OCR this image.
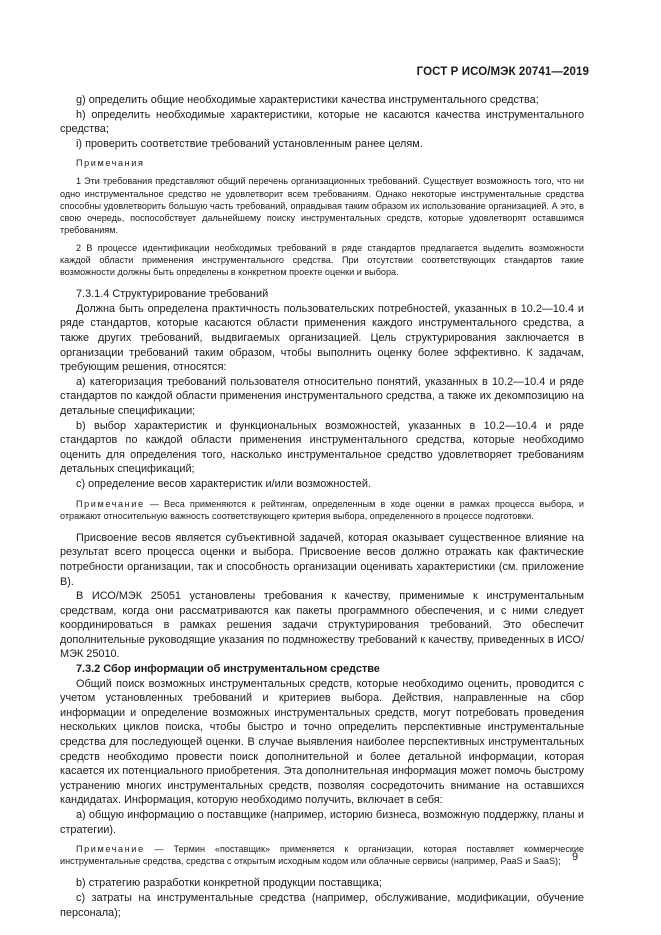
ГОСТ Р ИСО/МЭК 20741—2019

g) определить общие необходимые характеристики качества инструментального средства;

h) определить необходимые характеристики, которые не касаются качества инструментального средства;

i) проверить соответствие требований установленным ранее целям.

Примечания

1 Эти требования представляют общий перечень организационных требований. Существует возможность того, что ни одно инструментальное средство не удовлетворит всем требованиям. Однако некоторые инструментальные средства способны удовлетворить большую часть требований, оправдывая таким образом их использование организацией. А это, в свою очередь, поспособствует дальнейшему поиску инструментальных средств, которые удовлетворят оставшимся требованиям.

2 В процессе идентификации необходимых требований в ряде стандартов предлагается выделить возможности каждой области применения инструментального средства. При отсутствии соответствующих стандартов такие возможности должны быть определены в конкретном проекте оценки и выбора.

7.3.1.4 Структурирование требований

Должна быть определена практичность пользовательских потребностей, указанных в 10.2—10.4 и ряде стандартов, которые касаются области применения каждого инструментального средства, а также других требований, выдвигаемых организацией. Цель структурирования заключается в организации требований таким образом, чтобы выполнить оценку более эффективно. К задачам, требующим решения, относятся:

a) категоризация требований пользователя относительно понятий, указанных в 10.2—10.4 и ряде стандартов по каждой области применения инструментального средства, а также их декомпозицию на детальные спецификации;

b) выбор характеристик и функциональных возможностей, указанных в 10.2—10.4 и ряде стандартов по каждой области применения инструментального средства, которые необходимо оценить для определения того, насколько инструментальное средство удовлетворяет требованиям детальных спецификаций;

c) определение весов характеристик и/или возможностей.

Примечание — Веса применяются к рейтингам, определенным в ходе оценки в рамках процесса выбора, и отражают относительную важность соответствующего критерия выбора, определенного в процессе подготовки.

Присвоение весов является субъективной задачей, которая оказывает существенное влияние на результат всего процесса оценки и выбора. Присвоение весов должно отражать как фактические потребности организации, так и способность организации оценивать характеристики (см. приложение В).

В ИСО/МЭК 25051 установлены требования к качеству, применимые к инструментальным средствам, когда они рассматриваются как пакеты программного обеспечения, и с ними следует координироваться в рамках решения задачи структурирования требований. Это обеспечит дополнительные руководящие указания по подмножеству требований к качеству, приведенных в ИСО/МЭК 25010.

7.3.2 Сбор информации об инструментальном средстве

Общий поиск возможных инструментальных средств, которые необходимо оценить, проводится с учетом установленных требований и критериев выбора. Действия, направленные на сбор информации и определение возможных инструментальных средств, могут потребовать проведения нескольких циклов поиска, чтобы быстро и точно определить перспективные инструментальные средства для последующей оценки. В случае выявления наиболее перспективных инструментальных средств необходимо провести поиск дополнительной и более детальной информации, которая касается их потенциального приобретения. Эта дополнительная информация может помочь быстрому устранению многих инструментальных средств, позволяя сосредоточить внимание на оставшихся кандидатах. Информация, которую необходимо получить, включает в себя:

a) общую информацию о поставщике (например, историю бизнеса, возможную поддержку, планы и стратегии).

Примечание — Термин «поставщик» применяется к организации, которая поставляет коммерческие инструментальные средства, средства с открытым исходным кодом или облачные сервисы (например, PaaS и SaaS);

b) стратегию разработки конкретной продукции поставщика;

c) затраты на инструментальные средства (например, обслуживание, модификации, обучение персонала);

9
